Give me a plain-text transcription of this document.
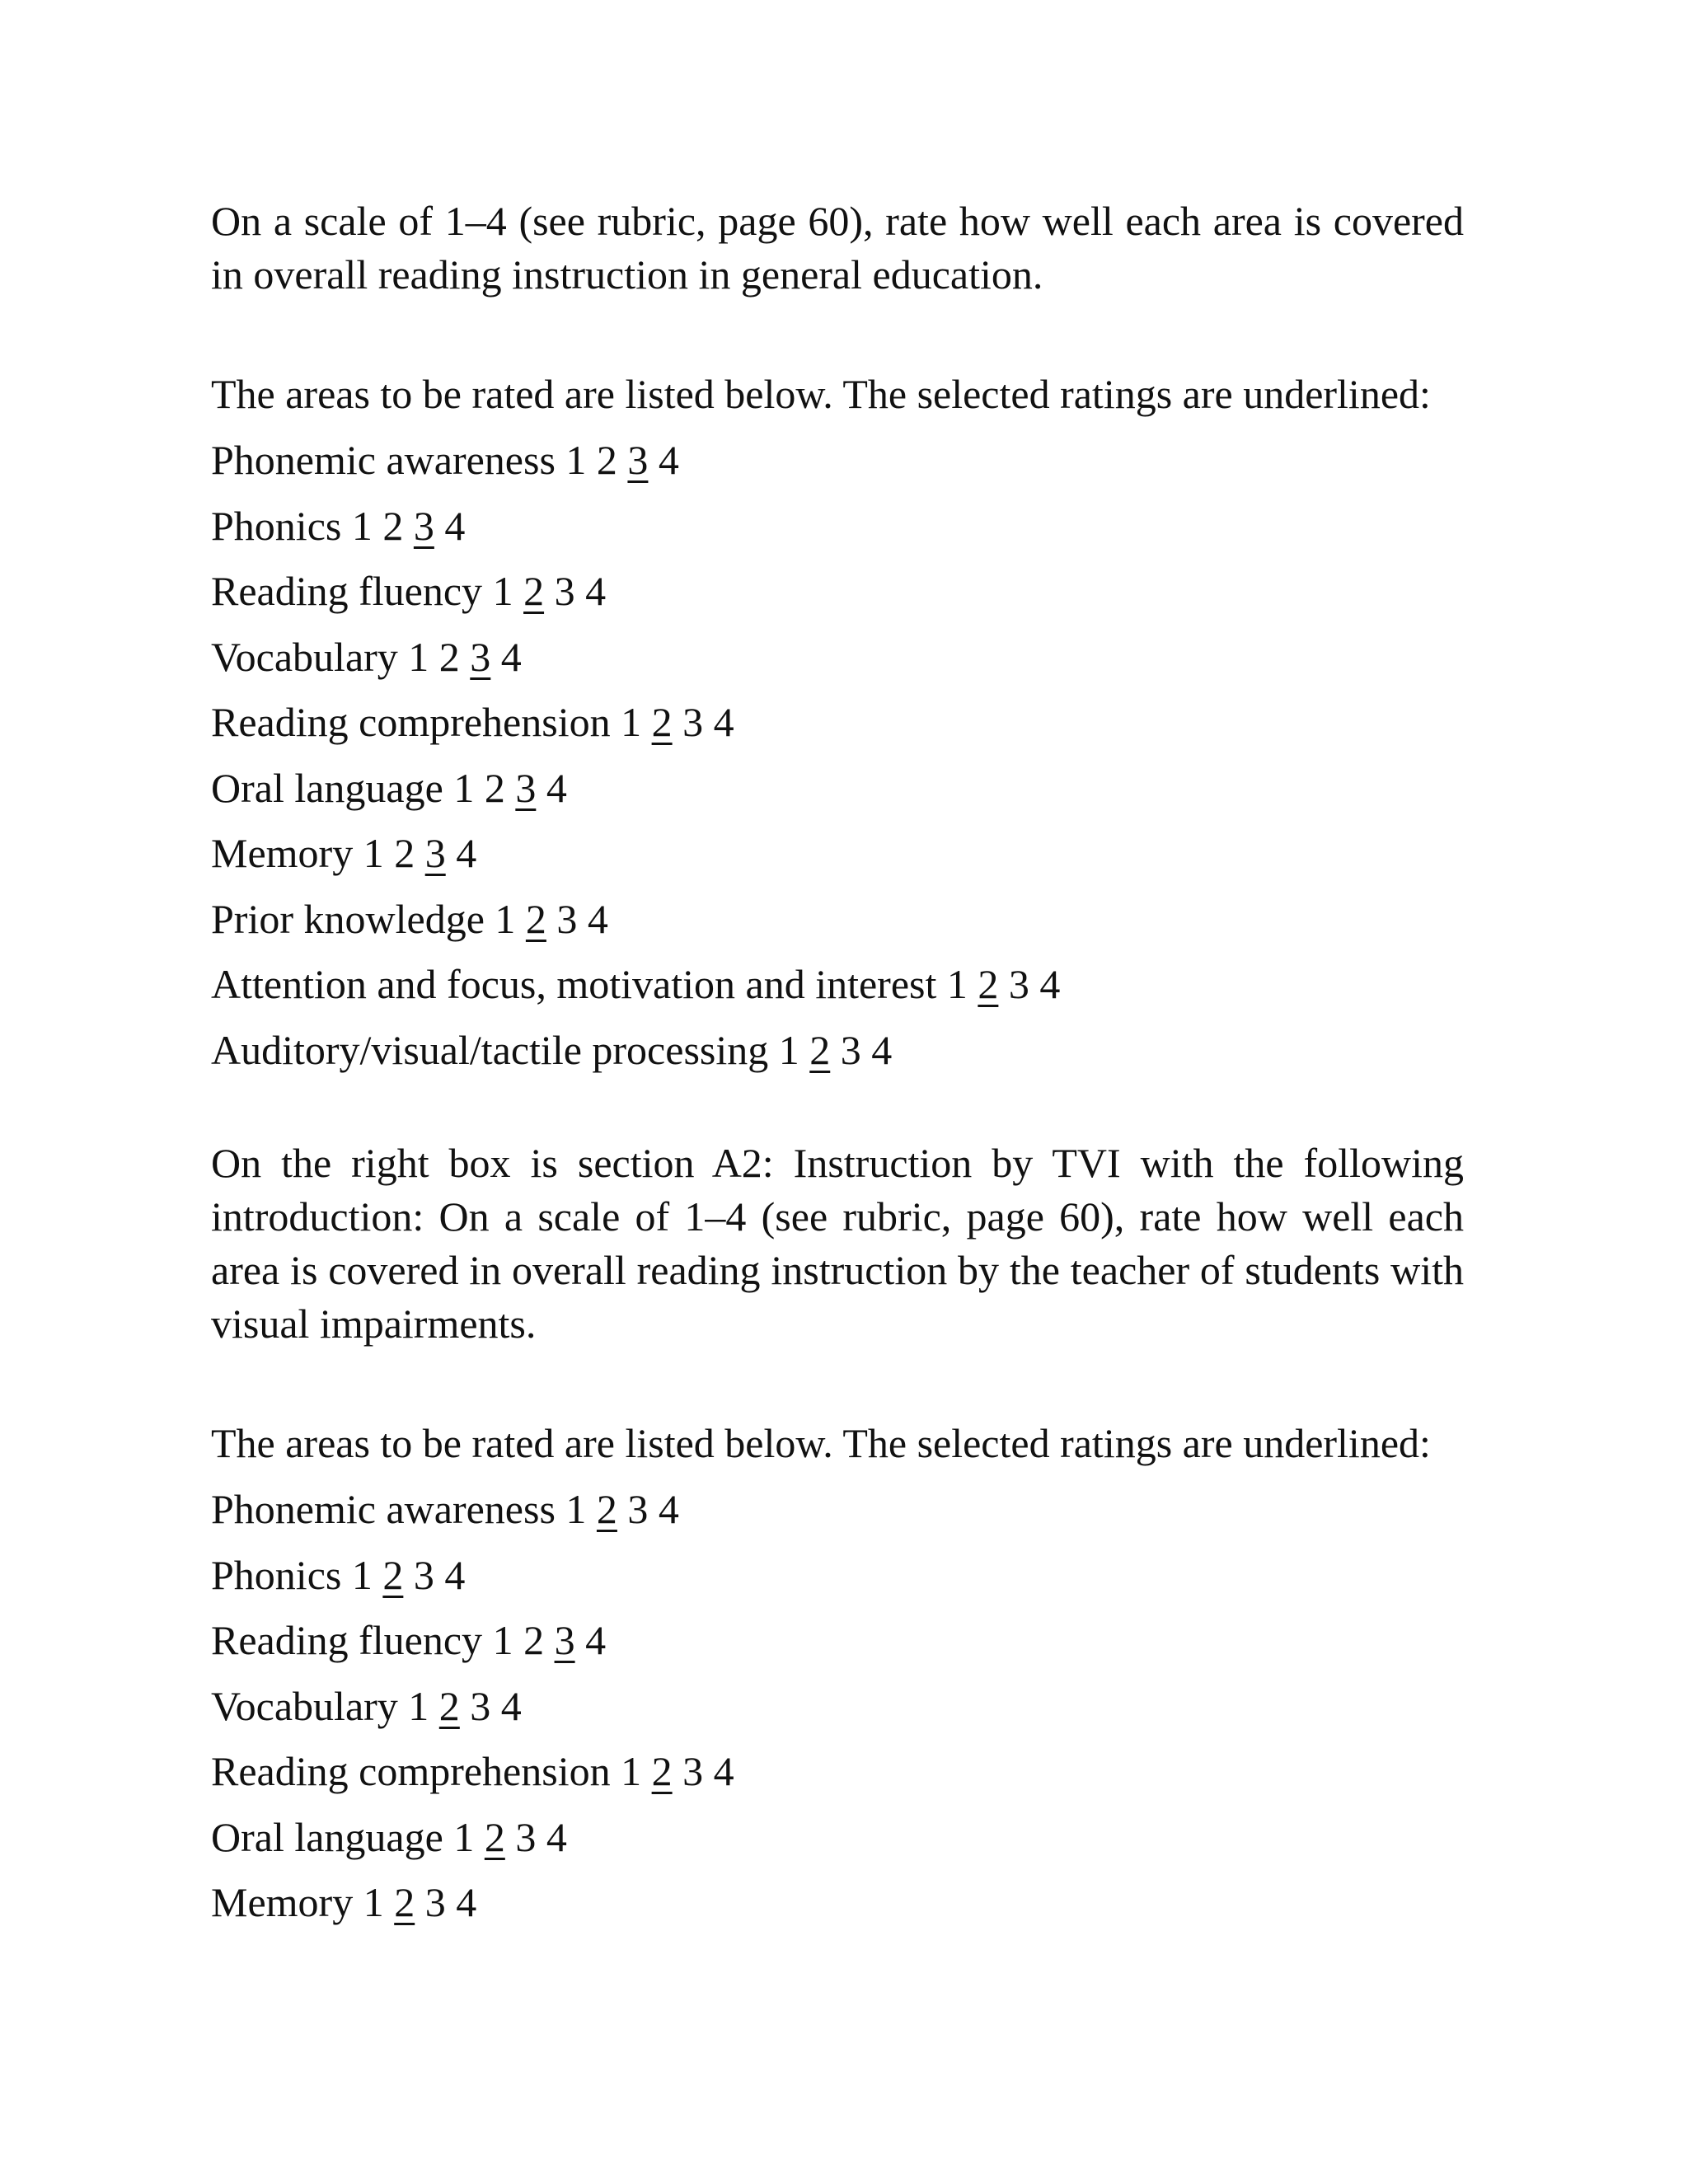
On a scale of 1–4 (see rubric, page 60), rate how well each area is covered in overall reading instruction in general education.

The areas to be rated are listed below. The selected ratings are underlined:

Phonemic awareness 1 2 3 4

Phonics 1 2 3 4

Reading fluency 1 2 3 4

Vocabulary 1 2 3 4

Reading comprehension 1 2 3 4

Oral language 1 2 3 4

Memory 1 2 3 4

Prior knowledge 1 2 3 4

Attention and focus, motivation and interest 1 2 3 4

Auditory/visual/tactile processing 1 2 3 4

On the right box is section A2: Instruction by TVI with the following introduction: On a scale of 1–4 (see rubric, page 60), rate how well each area is covered in overall reading instruction by the teacher of students with visual impairments.

The areas to be rated are listed below. The selected ratings are underlined:

Phonemic awareness 1 2 3 4

Phonics 1 2 3 4

Reading fluency 1 2 3 4

Vocabulary 1 2 3 4

Reading comprehension 1 2 3 4

Oral language 1 2 3 4

Memory 1 2 3 4
